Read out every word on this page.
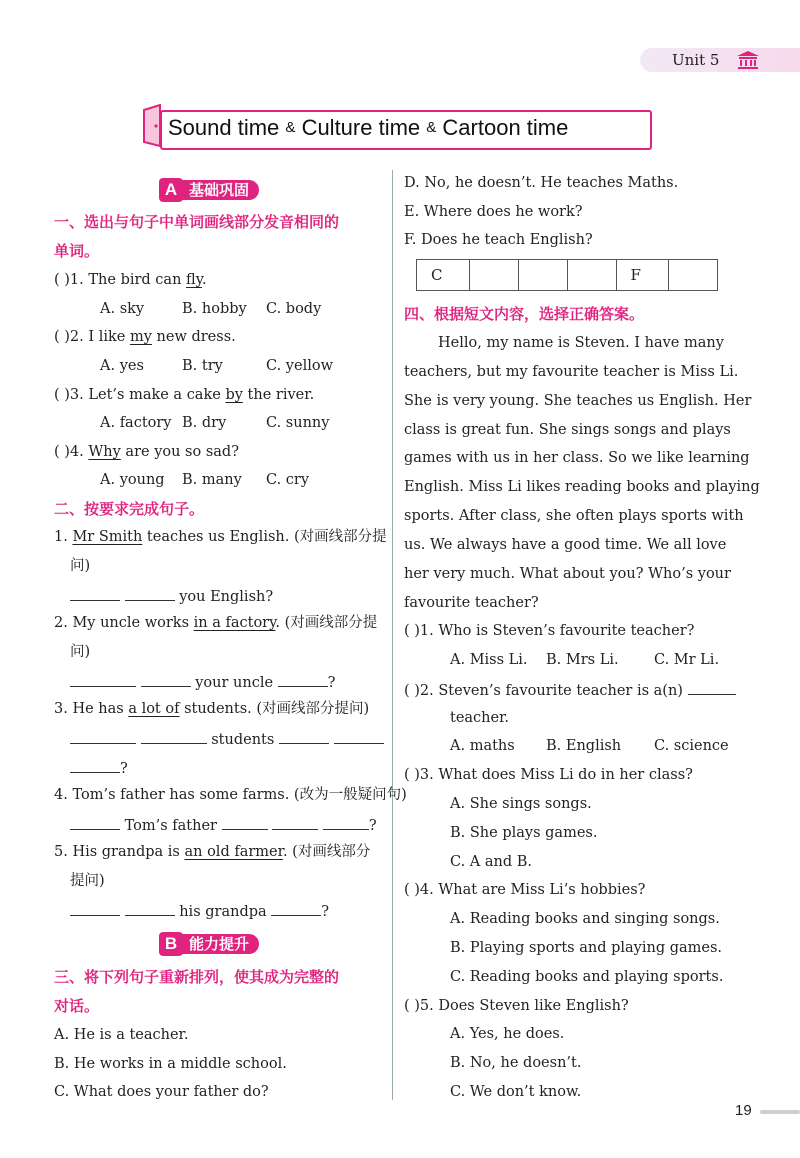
Unit 5
Sound time & Culture time & Cartoon time
基础巩固
A
一、选出与句子中单词画线部分发音相同的
单词。
( )1. The bird can fly.
A. sky	B. hobby C. body
( )2. I like my new dress.
A. yes	B. try	C. yellow
( )3. Let’s make a cake by the river.
A. factory B. dry	C. sunny
( )4. Why are you so sad?
A. young B. many C. cry
二、按要求完成句子。
1. Mr Smith teaches us English. (对画线部分提
问)
you English?
2. My uncle works in a factory. (对画线部分提
问)
your uncle	?
3. He has a lot of students. (对画线部分提问)
students
?
4. Tom’s father has some farms. (改为一般疑问句)
Tom’s father	?
5. His grandpa is an old farmer. (对画线部分
提问)
his grandpa	?
能力提升
B
三、将下列句子重新排列，使其成为完整的
对话。
A. He is a teacher.
B. He works in a middle school.
C. What does your father do?
D. No, he doesn’t. He teaches Maths.
E. Where does he work?
F. Does he teach English?
C				F	
四、根据短文内容，选择正确答案。
Hello, my name is Steven. I have many
teachers, but my favourite teacher is Miss Li.
She is very young. She teaches us English. Her
class is great fun. She sings songs and plays
games with us in her class. So we like learning
English. Miss Li likes reading books and playing
sports. After class, she often plays sports with
us. We always have a good time. We all love
her very much. What about you? Who’s your
favourite teacher?
( )1. Who is Steven’s favourite teacher?
A. Miss Li. B. Mrs Li. C. Mr Li.
( )2. Steven’s favourite teacher is a(n)
teacher.
A. maths B. English C. science
( )3. What does Miss Li do in her class?
A. She sings songs.
B. She plays games.
C. A and B.
( )4. What are Miss Li’s hobbies?
A. Reading books and singing songs.
B. Playing sports and playing games.
C. Reading books and playing sports.
( )5. Does Steven like English?
A. Yes, he does.
B. No, he doesn’t.
C. We don’t know.
19
